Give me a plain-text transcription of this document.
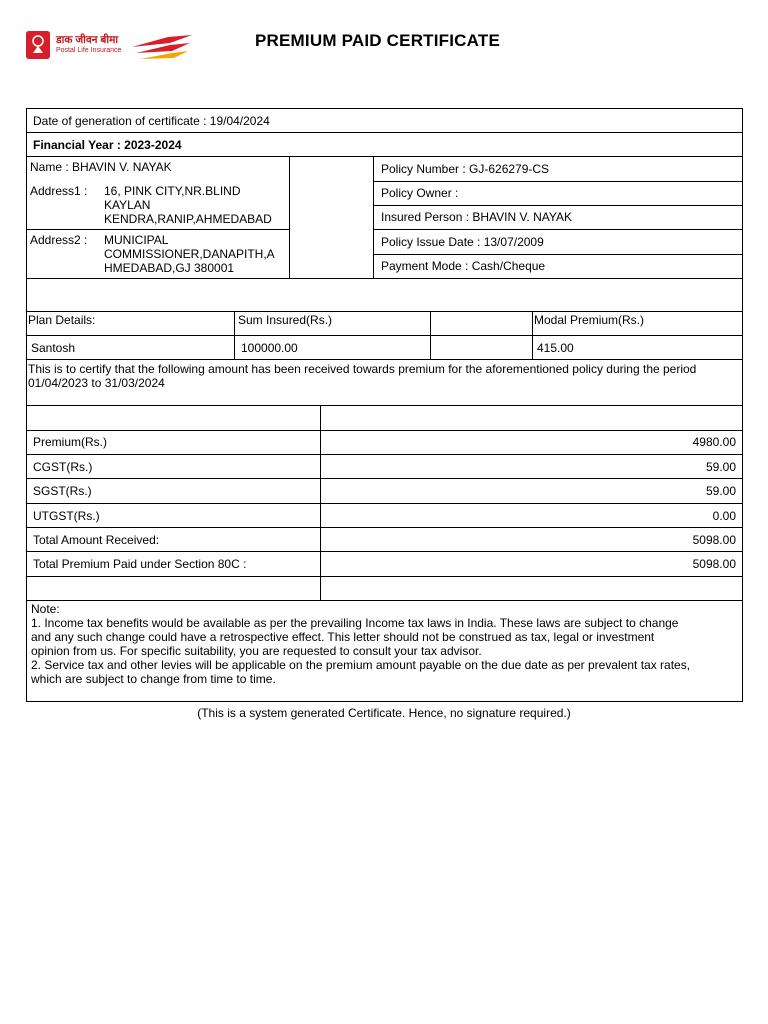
डाक जीवन बीमा
Postal Life Insurance
PREMIUM PAID CERTIFICATE
Date of generation of certificate : 19/04/2024
Financial Year : 2023-2024
Name : BHAVIN V. NAYAK
Address1 : 16, PINK CITY,NR.BLIND
KAYLAN
KENDRA,RANIP,AHMEDABAD
Address2 : MUNICIPAL
COMMISSIONER,DANAPITH,A
HMEDABAD,GJ 380001
Policy Number : GJ-626279-CS
Policy Owner :
Insured Person : BHAVIN V. NAYAK
Policy Issue Date : 13/07/2009
Payment Mode : Cash/Cheque
Plan Details:	Sum Insured(Rs.)	Modal Premium(Rs.)
Santosh	100000.00	415.00
This is to certify that the following amount has been received towards premium for the aforementioned policy during the period 01/04/2023 to 31/03/2024
Premium(Rs.)	4980.00
CGST(Rs.)	59.00
SGST(Rs.)	59.00
UTGST(Rs.)	0.00
Total Amount Received:	5098.00
Total Premium Paid under Section 80C :	5098.00
Note:
1. Income tax benefits would be available as per the prevailing Income tax laws in India. These laws are subject to change
and any such change could have a retrospective effect. This letter should not be construed as tax, legal or investment
opinion from us. For specific suitability, you are requested to consult your tax advisor.
2. Service tax and other levies will be applicable on the premium amount payable on the due date as per prevalent tax rates,
which are subject to change from time to time.
(This is a system generated Certificate. Hence, no signature required.)
